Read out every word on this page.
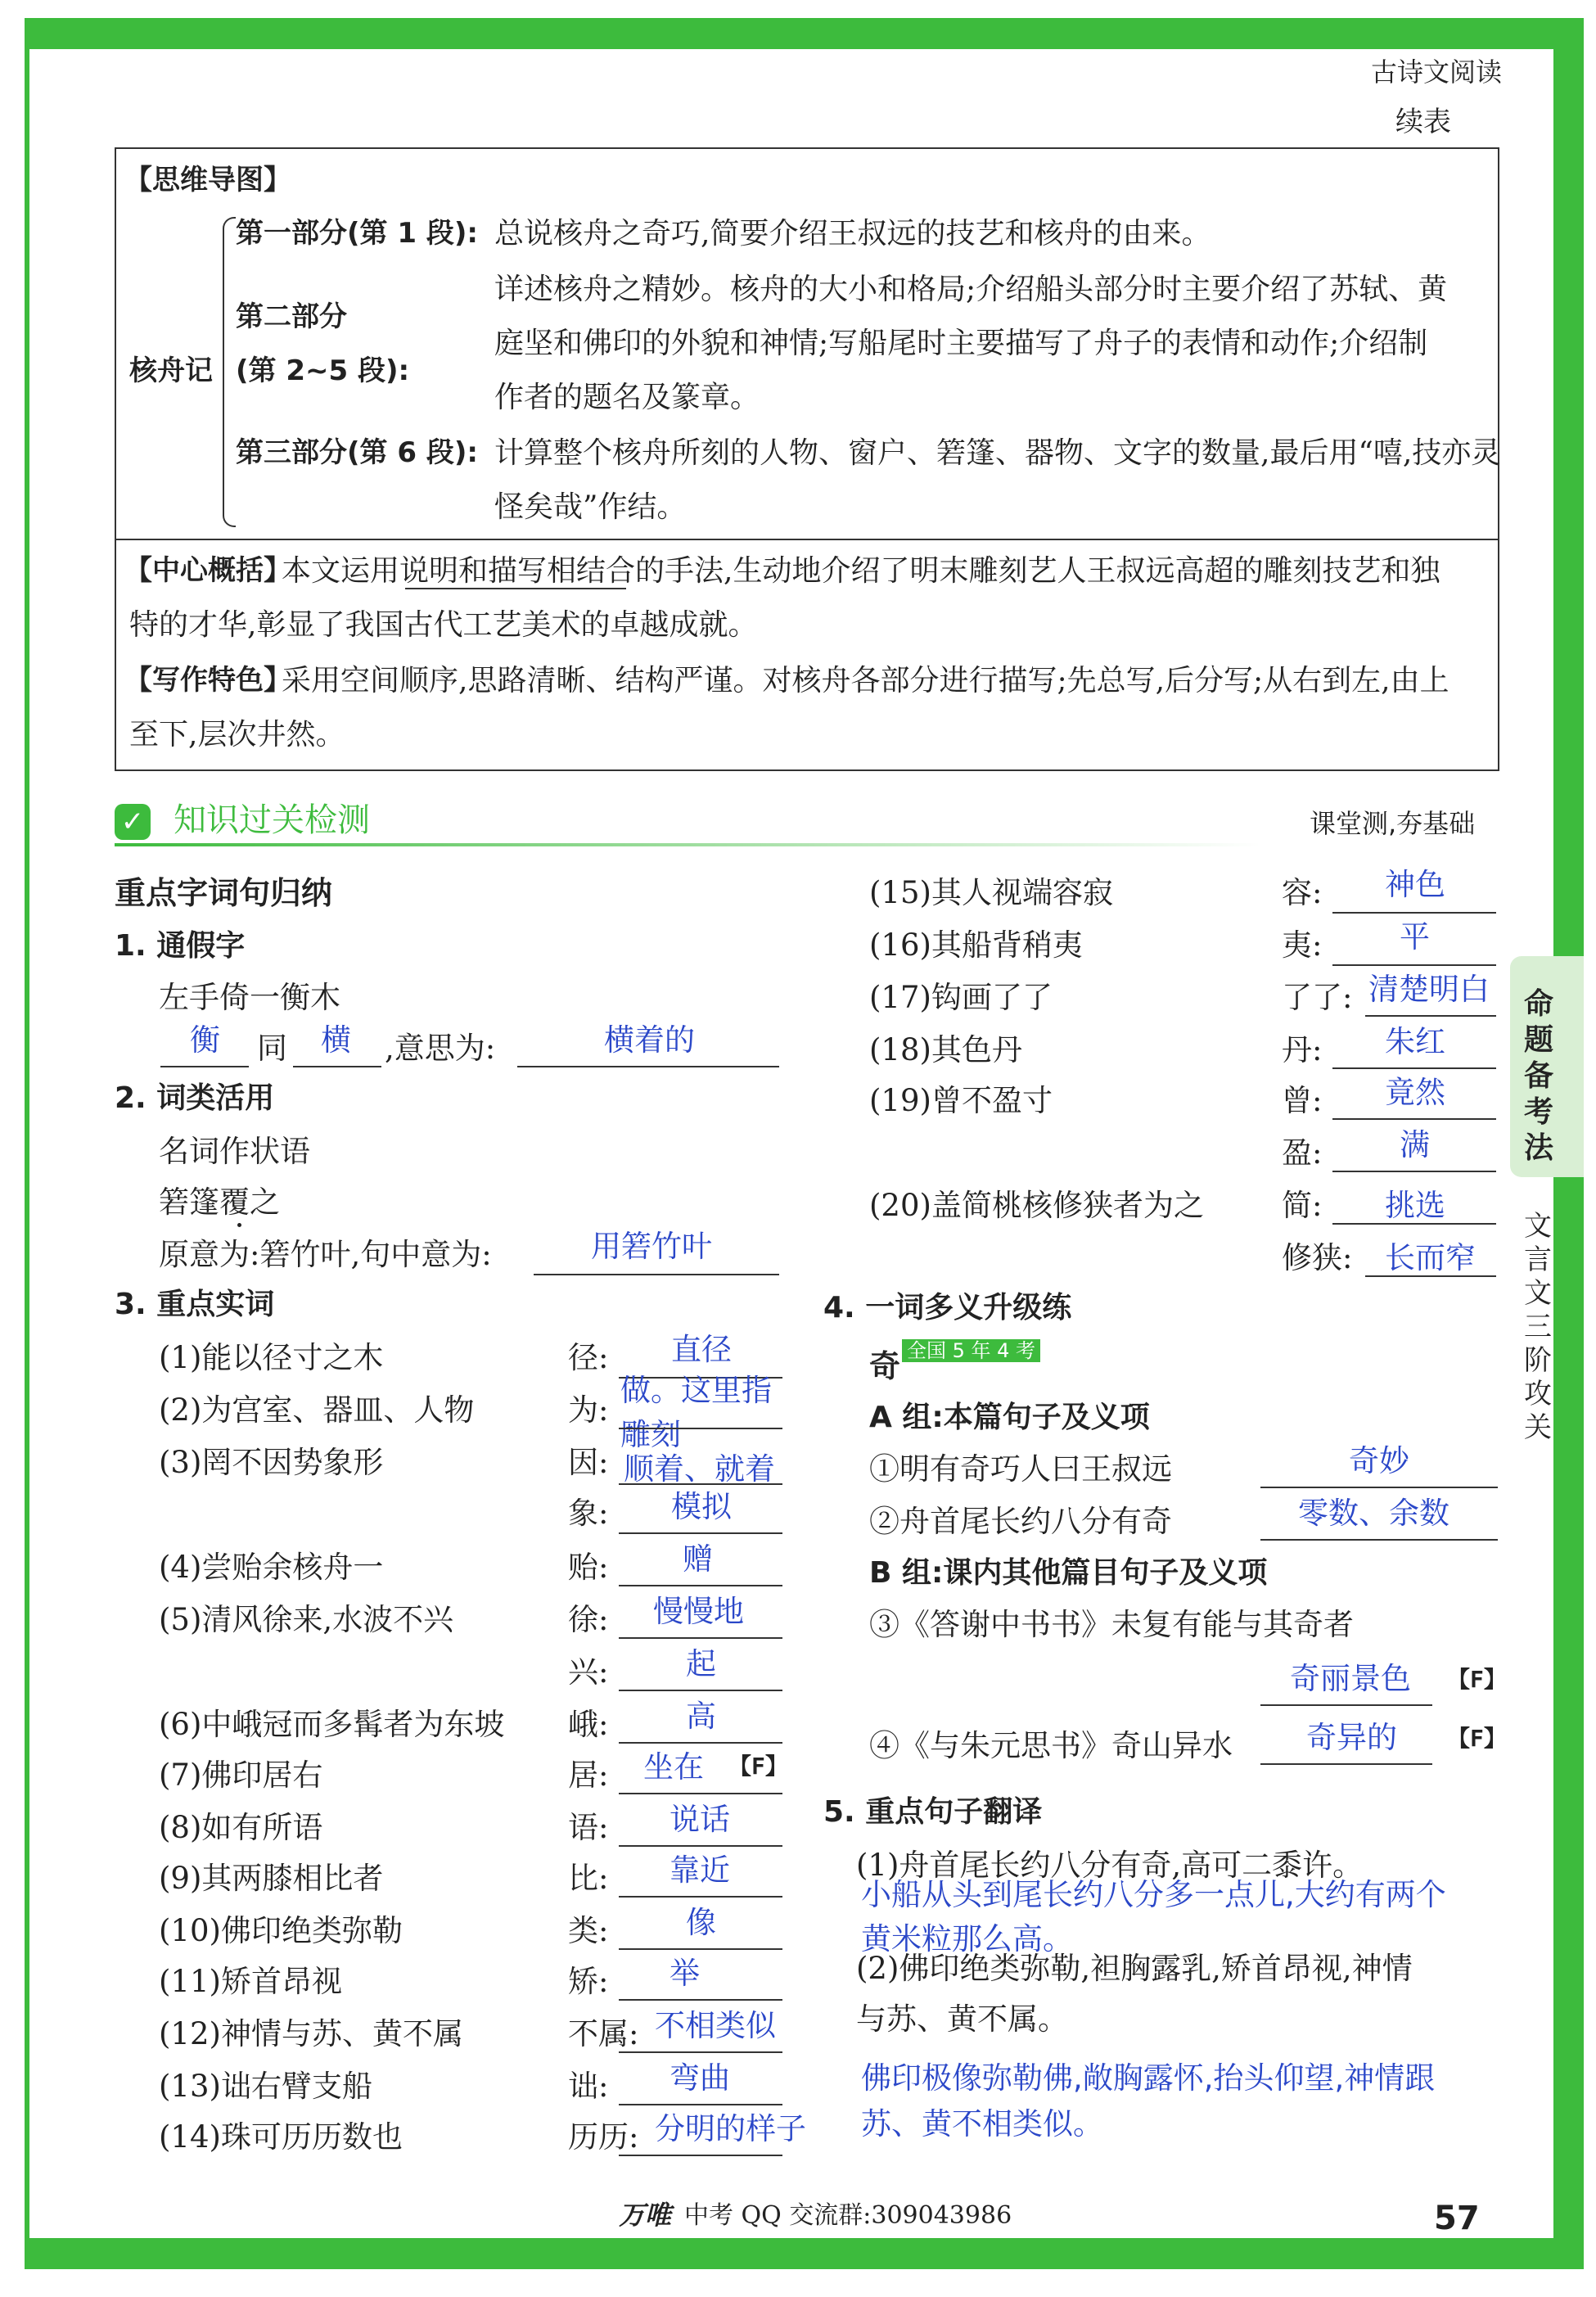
古诗文阅读
续表
命题备考法
文言文三阶攻关
【思维导图】
核舟记
第一部分(第 1 段): 总说核舟之奇巧,简要介绍王叔远的技艺和核舟的由来。
第二部分
(第 2~5 段):
详述核舟之精妙。核舟的大小和格局;介绍船头部分时主要介绍了苏轼、黄
庭坚和佛印的外貌和神情;写船尾时主要描写了舟子的表情和动作;介绍制
作者的题名及篆章。
第三部分(第 6 段): 计算整个核舟所刻的人物、窗户、箬篷、器物、文字的数量,最后用“嘻,技亦灵
怪矣哉”作结。
【中心概括】
本文运用说明和描写相结合的手法,生动地介绍了明末雕刻艺人王叔远高超的雕刻技艺和独
特的才华,彰显了我国古代工艺美术的卓越成就。
【写作特色】
采用空间顺序,思路清晰、结构严谨。对核舟各部分进行描写;先总写,后分写;从右到左,由上
至下,层次井然。
✓ 知识过关检测	课堂测,夯基础
重点字词句归纳
1. 通假字
左手倚一衡木
衡 同 横 ,意思为:	横着的
2. 词类活用
名词作状语
箬篷覆之
原意为:箬竹叶,句中意为:	用箬竹叶
3. 重点实词
(1)能以径寸之木	径: 直径
(2)为宫室、器皿、人物	为:
做。这里指雕刻
(3)罔不因势象形	因: 顺着、就着
象: 模拟
(4)尝贻余核舟一	贻: 赠
(5)清风徐来,水波不兴	徐: 慢慢地
兴:	起
(6)中峨冠而多髯者为东坡 峨:	高
(7)佛印居右	居: 坐在 【F】
(8)如有所语	语: 说话
(9)其两膝相比者	比: 靠近
(10)佛印绝类弥勒	类:	像
(11)矫首昂视	矫: 举
(12)神情与苏、黄不属	不属: 不相类似
(13)诎右臂支船	诎: 弯曲
(14)珠可历历数也	历历: 分明的样子
(15)其人视端容寂	容: 神色
(16)其船背稍夷	夷:	平
(17)钩画了了	了了: 清楚明白
(18)其色丹	丹: 朱红
(19)曾不盈寸	曾: 竟然
盈:	满
(20)盖简桃核修狭者为之	简: 挑选
修狭: 长而窄
4. 一词多义升级练
奇 全国 5 年 4 考
A 组:本篇句子及义项
①明有奇巧人曰王叔远	奇妙
②舟首尾长约八分有奇	零数、余数
B 组:课内其他篇目句子及义项
③《答谢中书书》未复有能与其奇者
奇丽景色 【F】
④《与朱元思书》奇山异水 奇异的 【F】
5. 重点句子翻译
(1)舟首尾长约八分有奇,高可二黍许。
小船从头到尾长约八分多一点儿,大约有两个
黄米粒那么高。
(2)佛印绝类弥勒,袒胸露乳,矫首昂视,神情
与苏、黄不属。
佛印极像弥勒佛,敞胸露怀,抬头仰望,神情跟
苏、黄不相类似。
万唯 中考 QQ 交流群:309043986	57
